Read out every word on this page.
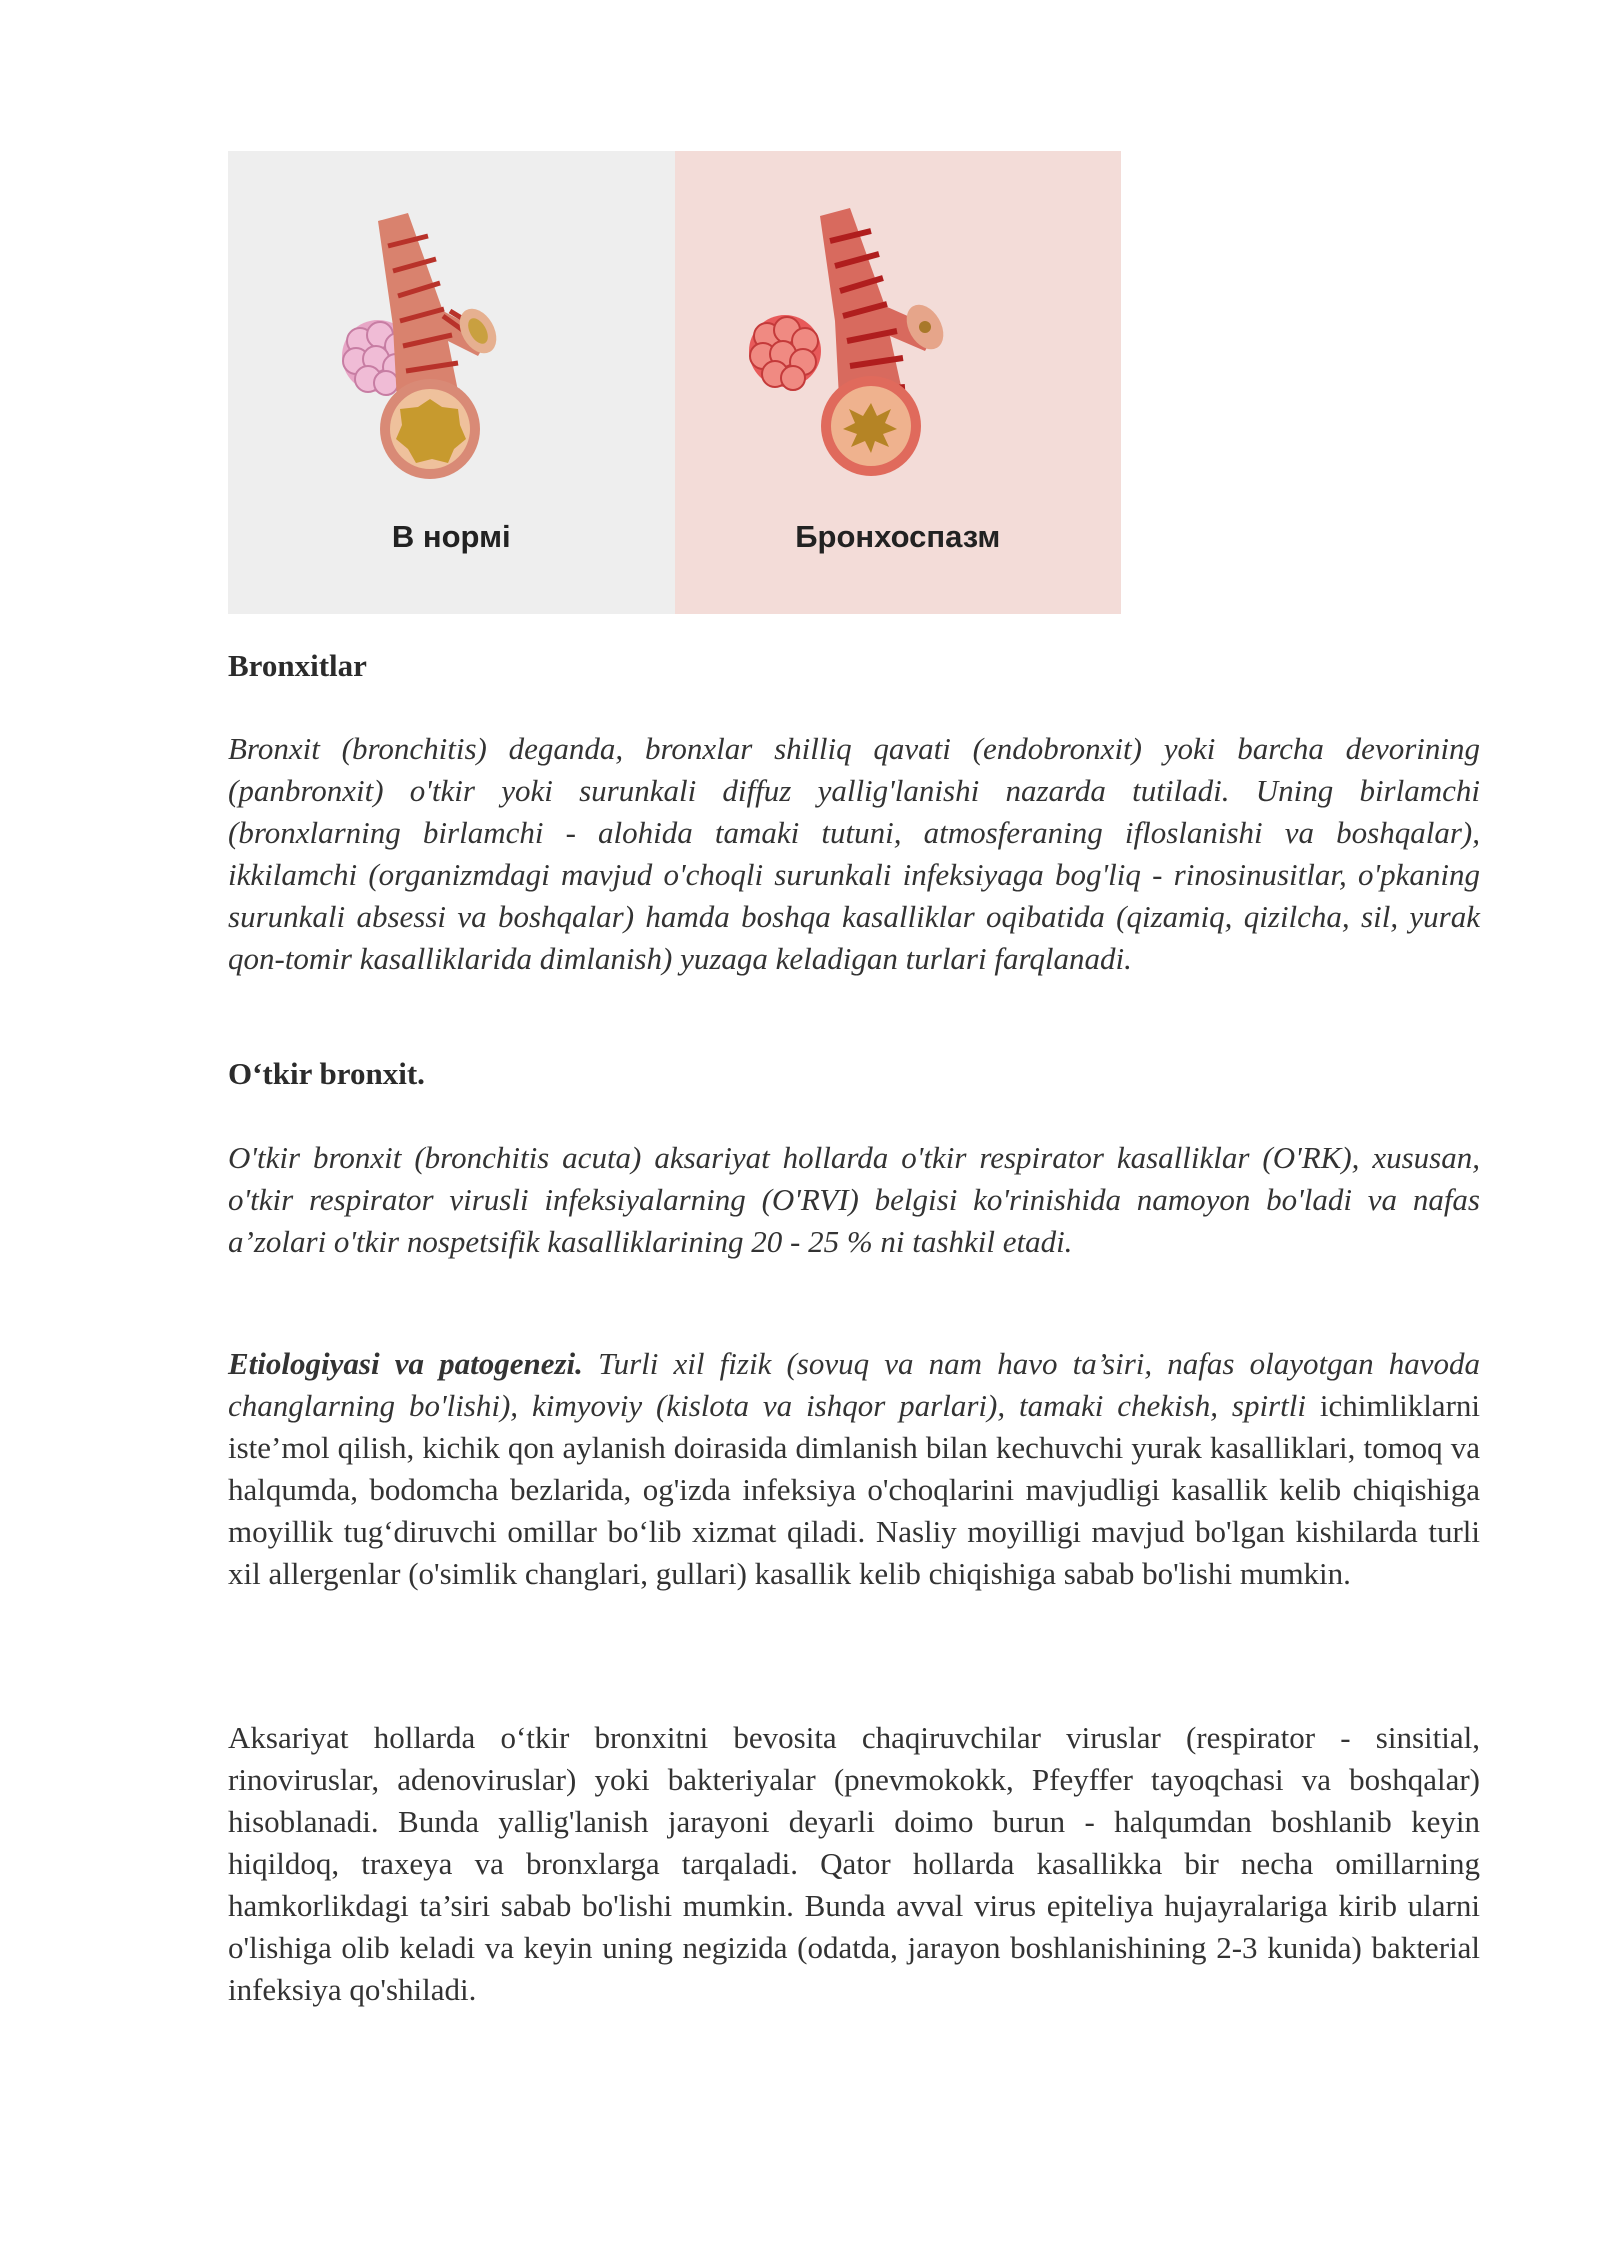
В нормі	Бронхоспазм
Bronxitlar

Bronxit (bronchitis) deganda, bronxlar shilliq qavati (endobronxit) yoki barcha devorining (panbronxit) o'tkir yoki surunkali diffuz yallig'lanishi nazarda tutiladi. Uning birlamchi (bronxlarning birlamchi - alohida tamaki tutuni, atmosferaning ifloslanishi va boshqalar), ikkilamchi (organizmdagi mavjud o'choqli surunkali infeksiyaga bog'liq - rinosinusitlar, o'pkaning surunkali absessi va boshqalar) hamda boshqa kasalliklar oqibatida (qizamiq, qizilcha, sil, yurak qon-tomir kasalliklarida dimlanish) yuzaga keladigan turlari farqlanadi.

O‘tkir bronxit.

O'tkir bronxit (bronchitis acuta) aksariyat hollarda o'tkir respirator kasalliklar (O'RK), xususan, o'tkir respirator virusli infeksiyalarning (O'RVI) belgisi ko'rinishida namoyon bo'ladi va nafas a’zolari o'tkir nospetsifik kasalliklarining 20 - 25 % ni tashkil etadi.

Etiologiyasi va patogenezi. Turli xil fizik (sovuq va nam havo ta’siri, nafas olayotgan havoda changlarning bo'lishi), kimyoviy (kislota va ishqor parlari), tamaki chekish, spirtli ichimliklarni iste’mol qilish, kichik qon aylanish doirasida dimlanish bilan kechuvchi yurak kasalliklari, tomoq va halqumda, bodomcha bezlarida, og'izda infeksiya o'choqlarini mavjudligi kasallik kelib chiqishiga moyillik tug‘diruvchi omillar bo‘lib xizmat qiladi. Nasliy moyilligi mavjud bo'lgan kishilarda turli xil allergenlar (o'simlik changlari, gullari) kasallik kelib chiqishiga sabab bo'lishi mumkin.

Aksariyat hollarda o‘tkir bronxitni bevosita chaqiruvchilar viruslar (respirator - sinsitial, rinoviruslar, adenoviruslar) yoki bakteriyalar (pnevmokokk, Pfeyffer tayoqchasi va boshqalar) hisoblanadi. Bunda yallig'lanish jarayoni deyarli doimo burun - halqumdan boshlanib keyin hiqildoq, traxeya va bronxlarga tarqaladi. Qator hollarda kasallikka bir necha omillarning hamkorlikdagi ta’siri sabab bo'lishi mumkin. Bunda avval virus epiteliya hujayralariga kirib ularni o'lishiga olib keladi va keyin uning negizida (odatda, jarayon boshlanishining 2-3 kunida) bakterial infeksiya qo'shiladi.
